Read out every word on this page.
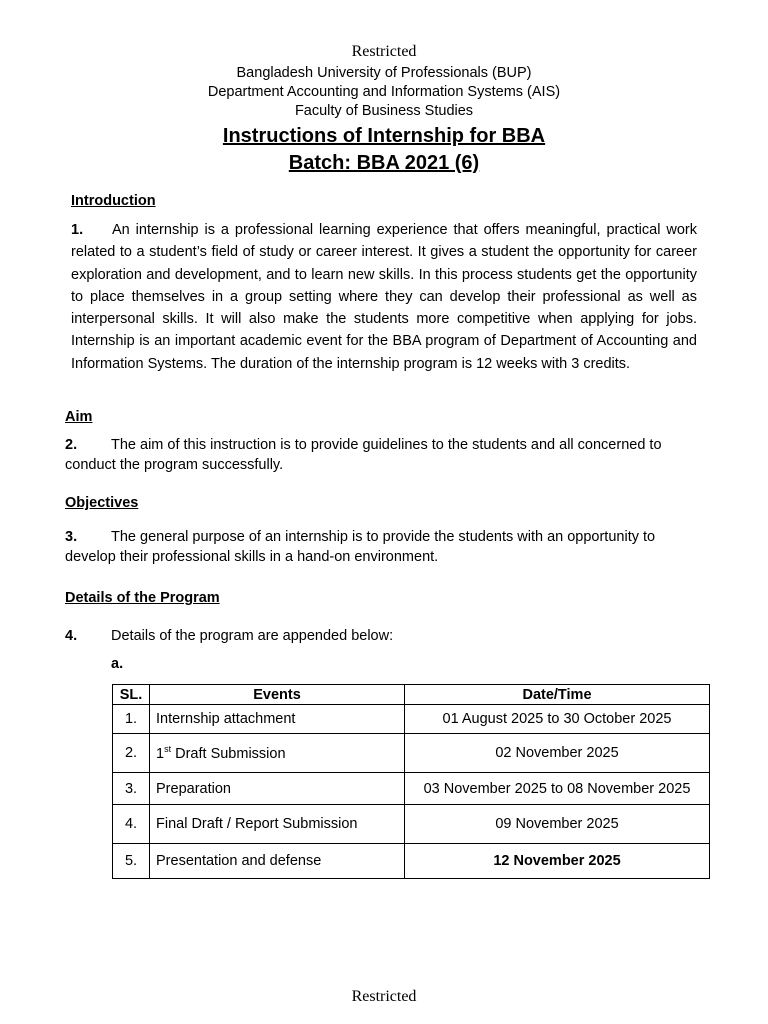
Restricted
Bangladesh University of Professionals (BUP)
Department Accounting and Information Systems (AIS)
Faculty of Business Studies
Instructions of Internship for BBA
Batch: BBA 2021 (6)
Introduction
1. An internship is a professional learning experience that offers meaningful, practical work related to a student’s field of study or career interest. It gives a student the opportunity for career exploration and development, and to learn new skills. In this process students get the opportunity to place themselves in a group setting where they can develop their professional as well as interpersonal skills. It will also make the students more competitive when applying for jobs. Internship is an important academic event for the BBA program of Department of Accounting and Information Systems. The duration of the internship program is 12 weeks with 3 credits.
Aim
2. The aim of this instruction is to provide guidelines to the students and all concerned to conduct the program successfully.
Objectives
3. The general purpose of an internship is to provide the students with an opportunity to develop their professional skills in a hand-on environment.
Details of the Program
4. Details of the program are appended below:
a.
SL.	Events	Date/Time
1.	Internship attachment	01 August 2025 to 30 October 2025
2.	1st Draft Submission	02 November 2025
3.	Preparation	03 November 2025 to 08 November 2025
4.	Final Draft / Report Submission	09 November 2025
5.	Presentation and defense	12 November 2025
Restricted
